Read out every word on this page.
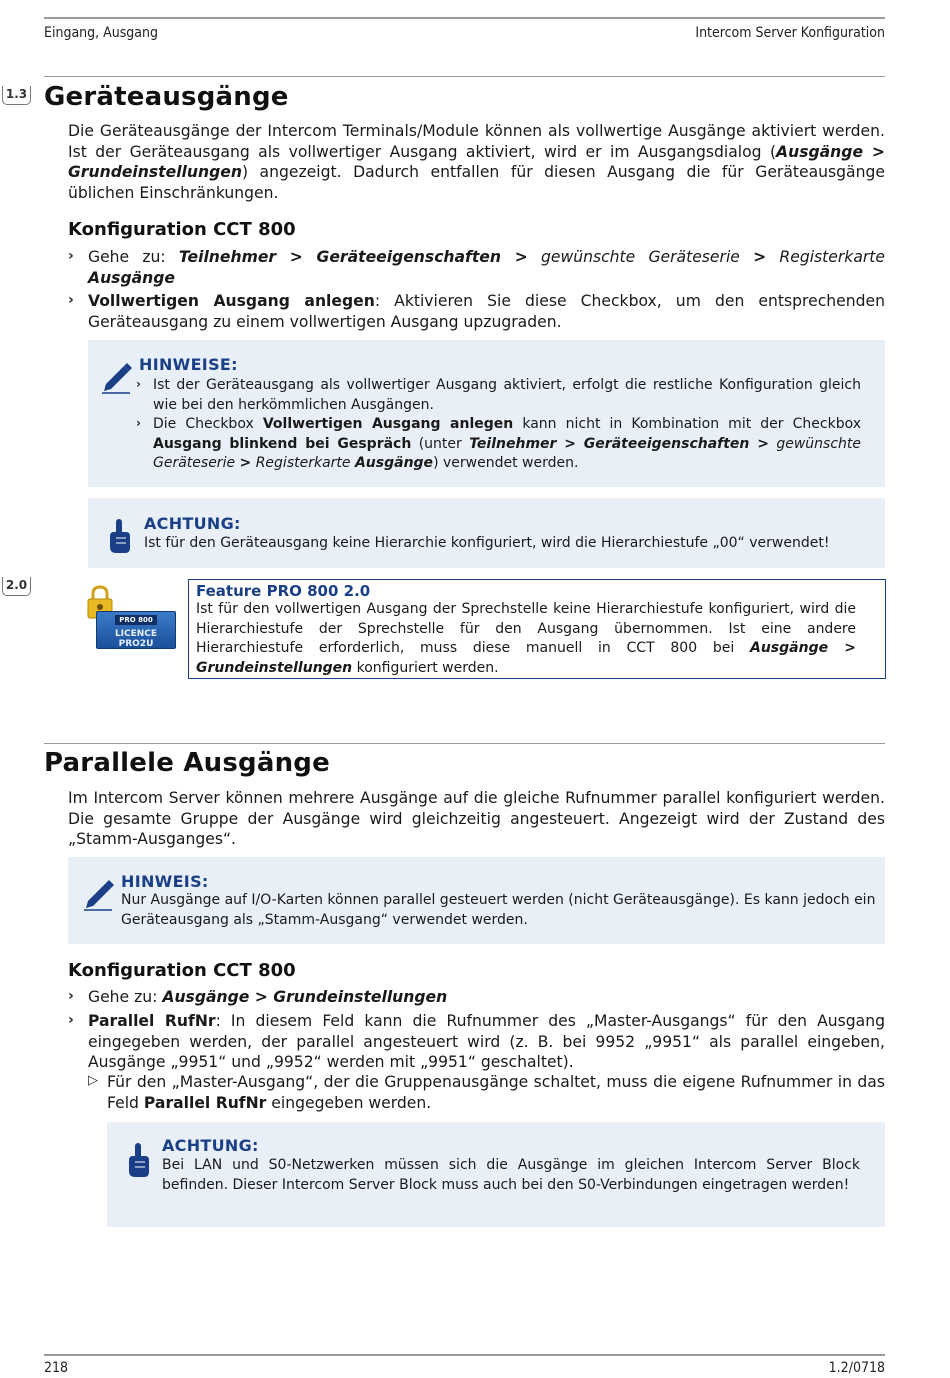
Eingang, Ausgang	Intercom Server Konfiguration
1.3 Geräteausgänge
Die Geräteausgänge der Intercom Terminals/Module können als vollwertige Ausgänge aktiviert werden. Ist der Geräteausgang als vollwertiger Ausgang aktiviert, wird er im Ausgangsdialog (Ausgänge > Grundeinstellungen) angezeigt. Dadurch entfallen für diesen Ausgang die für Geräteausgänge üblichen Einschränkungen.
Konfiguration CCT 800
› Gehe zu: Teilnehmer > Geräteeigenschaften > gewünschte Geräteserie > Registerkarte Ausgänge
› Vollwertigen Ausgang anlegen: Aktivieren Sie diese Checkbox, um den entsprechenden Geräteausgang zu einem vollwertigen Ausgang upzugraden.
HINWEISE:
› Ist der Geräteausgang als vollwertiger Ausgang aktiviert, erfolgt die restliche Konfiguration gleich wie bei den herkömmlichen Ausgängen.
› Die Checkbox Vollwertigen Ausgang anlegen kann nicht in Kombination mit der Checkbox Ausgang blinkend bei Gespräch (unter Teilnehmer > Geräteeigenschaften > gewünschte Geräteserie > Registerkarte Ausgänge) verwendet werden.
ACHTUNG:
Ist für den Geräteausgang keine Hierarchie konfiguriert, wird die Hierarchiestufe „00“ verwendet!
2.0
PRO 800
LICENCE PRO2U
Feature PRO 800 2.0
Ist für den vollwertigen Ausgang der Sprechstelle keine Hierarchiestufe konfiguriert, wird die Hierarchiestufe der Sprechstelle für den Ausgang übernommen. Ist eine andere Hierarchiestufe erforderlich, muss diese manuell in CCT 800 bei Ausgänge > Grundeinstellungen konfiguriert werden.
Parallele Ausgänge
Im Intercom Server können mehrere Ausgänge auf die gleiche Rufnummer parallel konfiguriert werden. Die gesamte Gruppe der Ausgänge wird gleichzeitig angesteuert. Angezeigt wird der Zustand des „Stamm-Ausganges“.
HINWEIS:
Nur Ausgänge auf I/O-Karten können parallel gesteuert werden (nicht Geräteausgänge). Es kann jedoch ein Geräteausgang als „Stamm-Ausgang“ verwendet werden.
Konfiguration CCT 800
› Gehe zu: Ausgänge > Grundeinstellungen
› Parallel RufNr: In diesem Feld kann die Rufnummer des „Master-Ausgangs“ für den Ausgang eingegeben werden, der parallel angesteuert wird (z. B. bei 9952 „9951“ als parallel eingeben, Ausgänge „9951“ und „9952“ werden mit „9951“ geschaltet).
▷ Für den „Master-Ausgang“, der die Gruppenausgänge schaltet, muss die eigene Rufnummer in das Feld Parallel RufNr eingegeben werden.
ACHTUNG:
Bei LAN und S0-Netzwerken müssen sich die Ausgänge im gleichen Intercom Server Block befinden. Dieser Intercom Server Block muss auch bei den S0-Verbindungen eingetragen werden!
218	1.2/0718
